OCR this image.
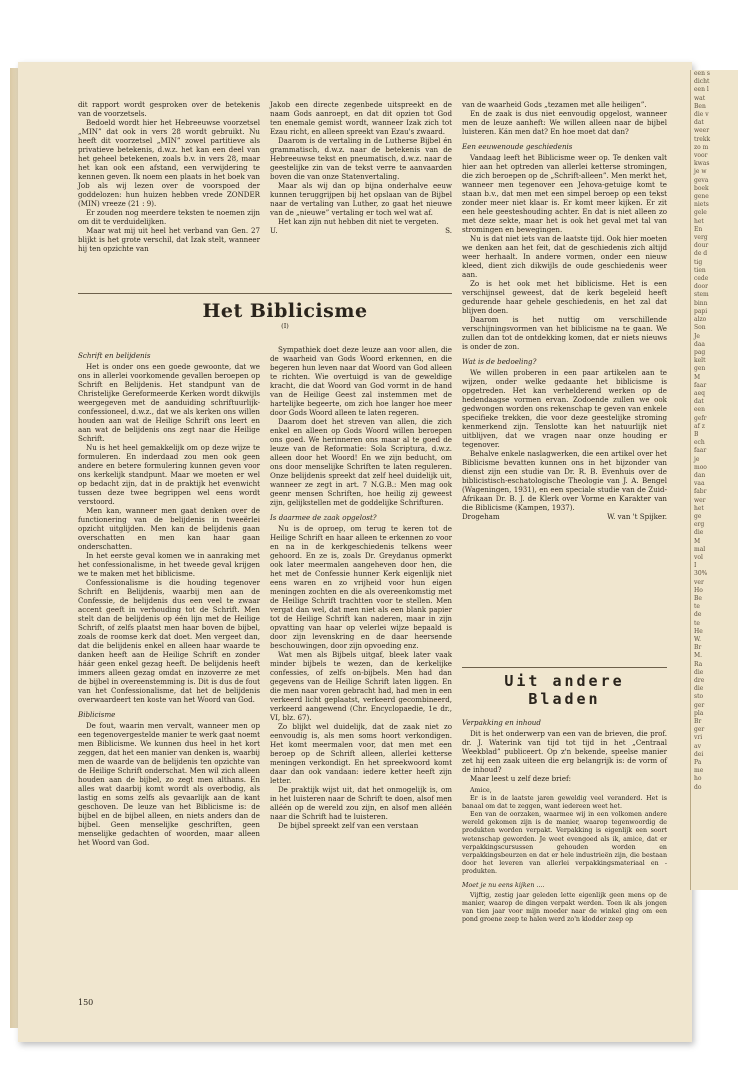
een s
dicht
een l
wat
Ben
die v
dat
weer
trekk
zo m
voor
kwas
je w
geva
boek
gene
niets
gele
het
En
verg
dour
de d
tig
tien
cede
door
stem
binn
papi
alzo
Son
Je
daa
pag
kelt
gen
M
faar
aeq
dat
een
gefr
af z
B
ech
faar
je
moo
dan
vaa
fabr
wer
het
ge
erg
die
M
mal
vol
I
30%
ver
Ho
Be
te
de
te
He
W.
Br
M.
Ra
die
dre
die
sto
ger
pla
Br
ger
vri
av
dei
Pa
me
ho
do

dit rapport wordt gesproken over de betekenis van de voorzetsels.

Bedoeld wordt hier het Hebreeuwse voorzetsel „MIN” dat ook in vers 28 wordt gebruikt. Nu heeft dit voorzetsel „MIN” zowel partitieve als privatieve betekenis, d.w.z. het kan een deel van het geheel betekenen, zoals b.v. in vers 28, maar het kan ook een afstand, een verwijdering te kennen geven. Ik noem een plaats in het boek van Job als wij lezen over de voorspoed der goddelozen: hun huizen hebben vrede ZONDER (MIN) vreeze (21 : 9).

Er zouden nog meerdere teksten te noemen zijn om dit te verduidelijken.

Maar wat mij uit heel het verband van Gen. 27 blijkt is het grote verschil, dat Izak stelt, wanneer hij ten opzichte van

Jakob een directe zegenbede uitspreekt en de naam Gods aanroept, en dat dit opzien tot God ten enemale gemist wordt, wanneer Izak zich tot Ezau richt, en alleen spreekt van Ezau's zwaard.

Daarom is de vertaling in de Lutherse Bijbel én grammatisch, d.w.z. naar de betekenis van de Hebreeuwse tekst en pneumatisch, d.w.z. naar de geestelijke zin van de tekst verre te aanvaarden boven die van onze Statenvertaling.

Maar als wij dan op bijna onderhalve eeuw kunnen teruggrijpen bij het opslaan van de Bijbel naar de vertaling van Luther, zo gaat het nieuwe van de „nieuwe” vertaling er toch wel wat af.

Het kan zijn nut hebben dit niet te vergeten.

U.	S.

Het Biblicisme
(I)

Schrift en belijdenis

Het is onder ons een goede gewoonte, dat we ons in allerlei voorkomende gevallen beroepen op Schrift en Belijdenis. Het standpunt van de Christelijke Gereformeerde Kerken wordt dikwijls weergegeven met de aanduiding schriftuurlijk-confessioneel, d.w.z., dat we als kerken ons willen houden aan wat de Heilige Schrift ons leert en aan wat de belijdenis ons zegt naar die Heilige Schrift.

Nu is het heel gemakkelijk om op deze wijze te formuleren. En inderdaad zou men ook geen andere en betere formulering kunnen geven voor ons kerkelijk standpunt. Maar we moeten er wel op bedacht zijn, dat in de praktijk het evenwicht tussen deze twee begrippen wel eens wordt verstoord.

Men kan, wanneer men gaat denken over de functionering van de belijdenis in tweeërlei opzicht uitglijden. Men kan de belijdenis gaan overschatten en men kan haar gaan onderschatten.

In het eerste geval komen we in aanraking met het confessionalisme, in het tweede geval krijgen we te maken met het biblicisme.

Confessionalisme is die houding tegenover Schrift en Belijdenis, waarbij men aan de Confessie, de belijdenis dus een veel te zwaar accent geeft in verhouding tot de Schrift. Men stelt dan de belijdenis op één lijn met de Heilige Schrift, of zelfs plaatst men haar boven de bijbel, zoals de roomse kerk dat doet. Men vergeet dan, dat die belijdenis enkel en alleen haar waarde te danken heeft aan de Heilige Schrift en zonder háár geen enkel gezag heeft. De belijdenis heeft immers alleen gezag omdat en inzoverre ze met de bijbel in overeenstemming is. Dit is dus de fout van het Confessionalisme, dat het de belijdenis overwaardeert ten koste van het Woord van God.

Biblicisme

De fout, waarin men vervalt, wanneer men op een tegenovergestelde manier te werk gaat noemt men Biblicisme. We kunnen dus heel in het kort zeggen, dat het een manier van denken is, waarbij men de waarde van de belijdenis ten opzichte van de Heilige Schrift onderschat. Men wil zich alleen houden aan de bijbel, zo zegt men althans. En alles wat daarbij komt wordt als overbodig, als lastig en soms zelfs als gevaarlijk aan de kant geschoven. De leuze van het Biblicisme is: de bijbel en de bijbel alleen, en niets anders dan de bijbel. Geen menselijke geschriften, geen menselijke gedachten of woorden, maar alleen het Woord van God.

Sympathiek doet deze leuze aan voor allen, die de waarheid van Gods Woord erkennen, en die begeren hun leven naar dat Woord van God alleen te richten. Wie overtuigd is van de geweldige kracht, die dat Woord van God vormt in de hand van de Heilige Geest zal instemmen met de hartelijke begeerte, om zich hoe langer hoe meer door Gods Woord alleen te laten regeren.

Daarom doet het streven van allen, die zich enkel en alleen op Gods Woord willen beroepen ons goed. We herinneren ons maar al te goed de leuze van de Reformatie: Sola Scriptura, d.w.z. alleen door het Woord! En we zijn beducht, om ons door menselijke Schriften te laten reguleren. Onze belijdenis spreekt dat zelf heel duidelijk uit, wanneer ze zegt in art. 7 N.G.B.: Men mag ook geenr mensen Schriften, hoe heilig zij geweest zijn, gelijkstellen met de goddelijke Schrifturen.

Is daarmee de zaak opgelost?

Nu is de oproep, om terug te keren tot de Heilige Schrift en haar alleen te erkennen zo voor en na in de kerkgeschiedenis telkens weer gehoord. En ze is, zoals Dr. Greydanus opmerkt ook later meermalen aangeheven door hen, die het met de Confessie hunner Kerk eigenlijk niet eens waren en zo vrijheid voor hun eigen meningen zochten en die als overeenkomstig met de Heilige Schrift trachtten voor te stellen. Men vergat dan wel, dat men niet als een blank papier tot de Heilige Schrift kan naderen, maar in zijn opvatting van haar op velerlei wijze bepaald is door zijn levenskring en de daar heersende beschouwingen, door zijn opvoeding enz.

Wat men als Bijbels uitgaf, bleek later vaak minder bijbels te wezen, dan de kerkelijke confessies, of zelfs on-bijbels. Men had dan gegevens van de Heilige Schrift laten liggen. En die men naar voren gebracht had, had men in een verkeerd licht geplaatst, verkeerd gecombineerd, verkeerd aangewend (Chr. Encyclopaedie, 1e dr., VI, blz. 67).

Zo blijkt wel duidelijk, dat de zaak niet zo eenvoudig is, als men soms hoort verkondigen. Het komt meermalen voor, dat men met een beroep op de Schrift alleen, allerlei ketterse meningen verkondigt. En het spreekwoord komt daar dan ook vandaan: iedere ketter heeft zijn letter.

De praktijk wijst uit, dat het onmogelijk is, om in het luisteren naar de Schrift te doen, alsof men alléén op de wereld zou zijn, en alsof men alléén naar die Schrift had te luisteren.

De bijbel spreekt zelf van een verstaan

van de waarheid Gods „tezamen met alle heiligen”.

En de zaak is dus niet eenvoudig opgelost, wanneer men de leuze aanheft: We willen alleen naar de bijbel luisteren. Kán men dat? En hoe moet dat dan?

Een eeuwenoude geschiedenis

Vandaag leeft het Biblicisme weer op. Te denken valt hier aan het optreden van allerlei ketterse stromingen, die zich beroepen op de „Schrift-alleen”. Men merkt het, wanneer men tegenover een Jehova-getuige komt te staan b.v., dat men met een simpel beroep op een tekst zonder meer niet klaar is. Er komt meer kijken. Er zit een hele geesteshouding achter. En dat is niet alleen zo met deze sekte, maar het is ook het geval met tal van stromingen en bewegingen.

Nu is dat niet iets van de laatste tijd. Ook hier moeten we denken aan het feit, dat de geschiedenis zich altijd weer herhaalt. In andere vormen, onder een nieuw kleed, dient zich dikwijls de oude geschiedenis weer aan.

Zo is het ook met het biblicisme. Het is een verschijnsel geweest, dat de kerk begeleid heeft gedurende haar gehele geschiedenis, en het zal dat blijven doen.

Daarom is het nuttig om verschillende verschijningsvormen van het biblicisme na te gaan. We zullen dan tot de ontdekking komen, dat er niets nieuws is onder de zon.

Wat is de bedoeling?

We willen proberen in een paar artikelen aan te wijzen, onder welke gedaante het biblicisme is opgetreden. Het kan verhelderend werken op de hedendaagse vormen ervan. Zodoende zullen we ook gedwongen worden ons rekenschap te geven van enkele specifieke trekken, die voor deze geestelijke stroming kenmerkend zijn. Tenslotte kan het natuurlijk niet uitblijven, dat we vragen naar onze houding er tegenover.

Behalve enkele naslagwerken, die een artikel over het Biblicisme bevatten kunnen ons in het bijzonder van dienst zijn een studie van Dr. R. B. Evenhuis over de biblicistisch-eschatologische Theologie van J. A. Bengel (Wageningen, 1931), en een speciale studie van de Zuid-Afrikaan Dr. B. J. de Klerk over Vorme en Karakter van die Biblicisme (Kampen, 1937).

Drogeham	W. van 't Spijker.

Uit andere
Bladen

Verpakking en inhoud

Dit is het onderwerp van een van de brieven, die prof. dr. J. Waterink van tijd tot tijd in het „Centraal Weekblad” publiceert. Op z'n bekende, speelse manier zet hij een zaak uiteen die erg belangrijk is: de vorm of de inhoud?

Maar leest u zelf deze brief:

Amice,

Er is in de laatste jaren geweldig veel veranderd. Het is banaal om dat te zeggen, want iedereen weet het.

Een van de oorzaken, waarmee wij in een volkomen andere wereld gekomen zijn is de manier, waarop tegenwoordig de produkten worden verpakt. Verpakking is eigenlijk een soort wetenschap geworden. Je weet evengoed als ik, amice, dat er verpakkingscursussen gehouden worden en verpakkingsbeurzen en dat er hele industrieën zijn, die bestaan door het leveren van allerlei verpakkingsmateriaal en -produkten.

Moet je nu eens kijken ....

Vijftig, zestig jaar geleden lette eigenlijk geen mens op de manier, waarop de dingen verpakt werden. Toen ik als jongen van tien jaar voor mijn moeder naar de winkel ging om een pond groene zeep te halen werd zo'n klodder zeep op

150
